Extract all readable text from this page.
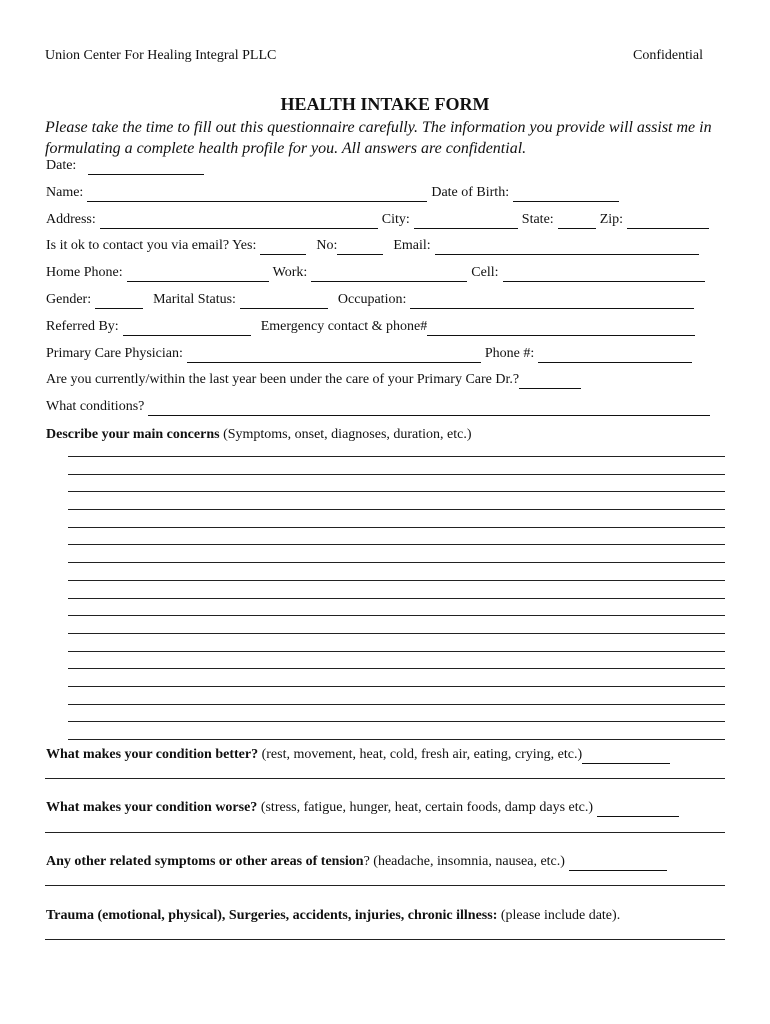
Union Center For Healing Integral PLLC	Confidential
HEALTH INTAKE FORM
Please take the time to fill out this questionnaire carefully. The information you provide will assist me in formulating a complete health profile for you. All answers are confidential.
Date:
Name:	Date of Birth:
Address:	City:	State:	Zip:
Is it ok to contact you via email? Yes:	No:	Email:
Home Phone:	Work:	Cell:
Gender:	Marital Status:	Occupation:
Referred By:	Emergency contact & phone#
Primary Care Physician:	Phone #:
Are you currently/within the last year been under the care of your Primary Care Dr.?
What conditions?
Describe your main concerns (Symptoms, onset, diagnoses, duration, etc.)
What makes your condition better? (rest, movement, heat, cold, fresh air, eating, crying, etc.)
What makes your condition worse? (stress, fatigue, hunger, heat, certain foods, damp days etc.)
Any other related symptoms or other areas of tension? (headache, insomnia, nausea, etc.)
Trauma (emotional, physical), Surgeries, accidents, injuries, chronic illness: (please include date).
